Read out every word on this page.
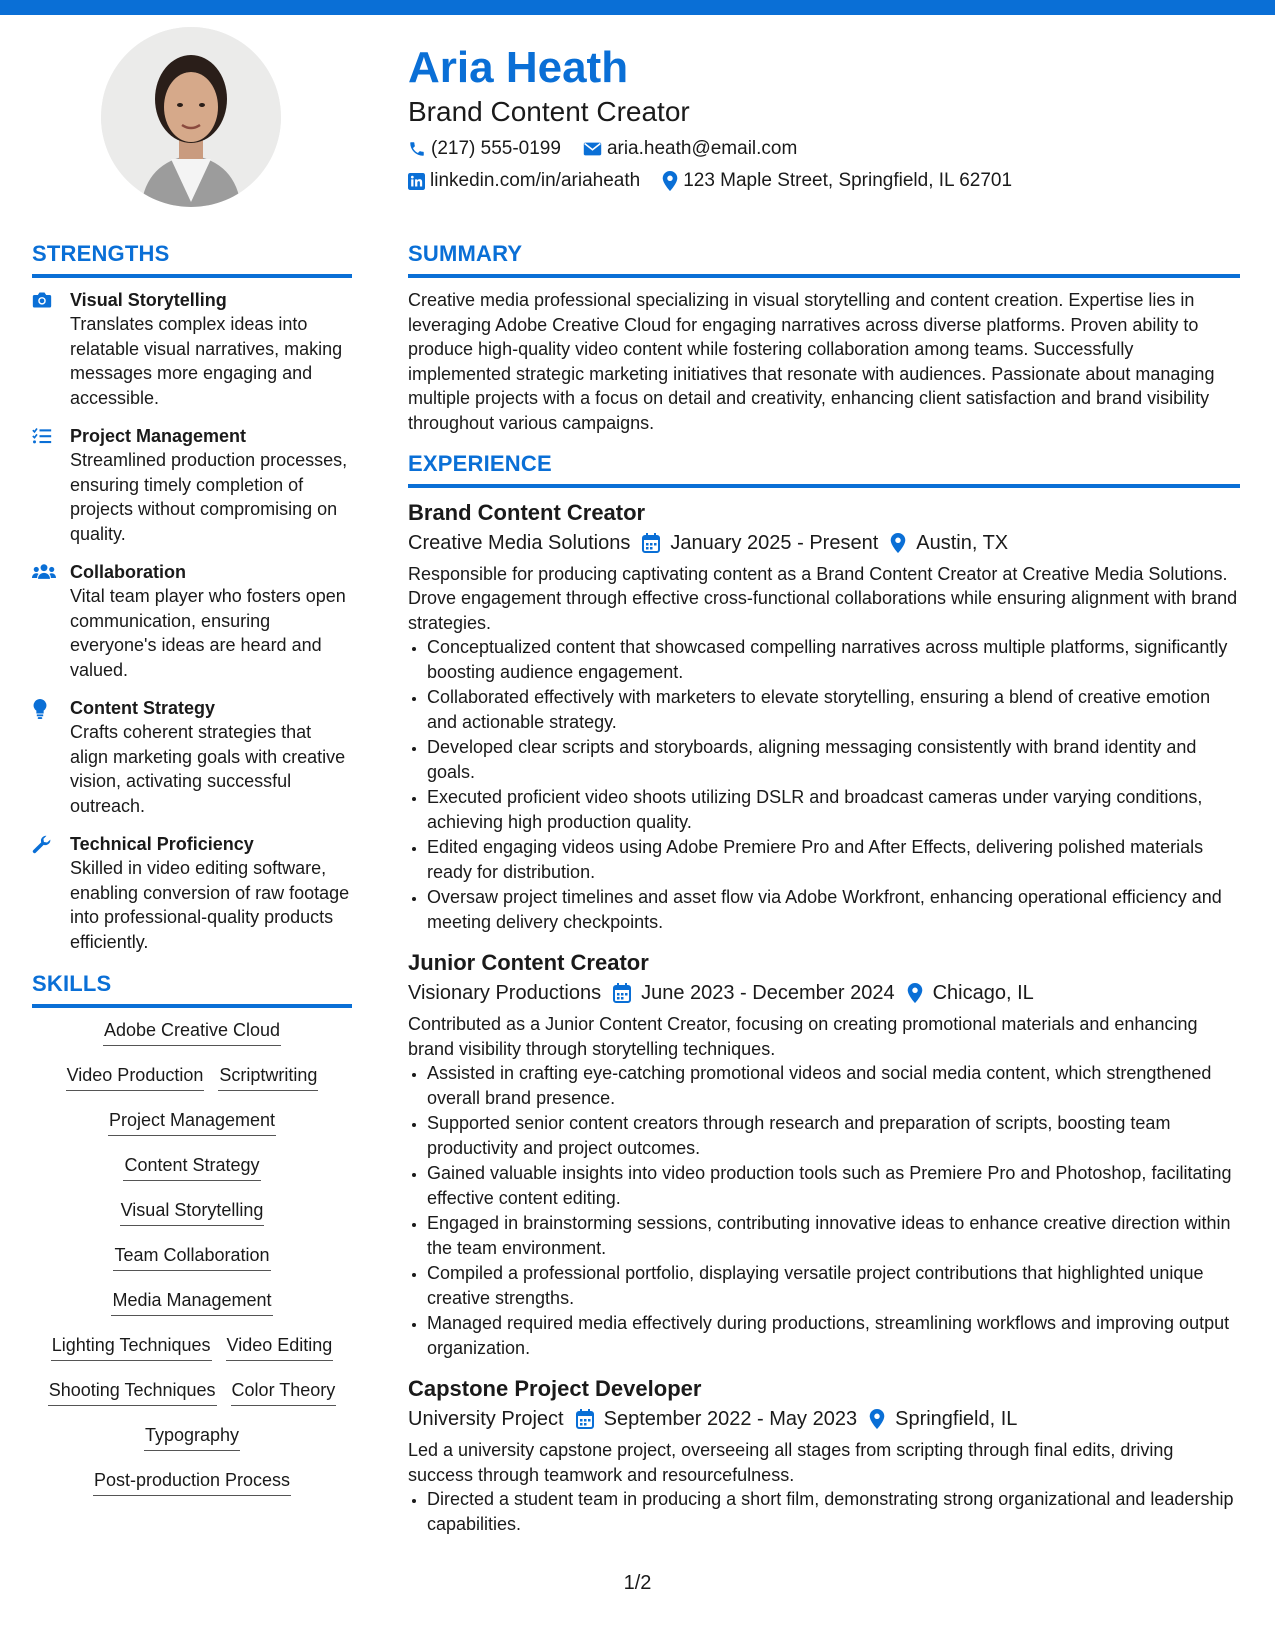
Aria Heath
Brand Content Creator
(217) 555-0199 aria.heath@email.com
linkedin.com/in/ariaheath 123 Maple Street, Springfield, IL 62701
STRENGTHS
Visual Storytelling
Translates complex ideas into relatable visual narratives, making messages more engaging and accessible.
Project Management
Streamlined production processes, ensuring timely completion of projects without compromising on quality.
Collaboration
Vital team player who fosters open communication, ensuring everyone's ideas are heard and valued.
Content Strategy
Crafts coherent strategies that align marketing goals with creative vision, activating successful outreach.
Technical Proficiency
Skilled in video editing software, enabling conversion of raw footage into professional-quality products efficiently.
SKILLS
Adobe Creative Cloud
Video Production Scriptwriting
Project Management
Content Strategy
Visual Storytelling
Team Collaboration
Media Management
Lighting Techniques Video Editing
Shooting Techniques Color Theory
Typography
Post-production Process
SUMMARY
Creative media professional specializing in visual storytelling and content creation. Expertise lies in leveraging Adobe Creative Cloud for engaging narratives across diverse platforms. Proven ability to produce high-quality video content while fostering collaboration among teams. Successfully implemented strategic marketing initiatives that resonate with audiences. Passionate about managing multiple projects with a focus on detail and creativity, enhancing client satisfaction and brand visibility throughout various campaigns.
EXPERIENCE
Brand Content Creator
Creative Media Solutions January 2025 - Present Austin, TX
Responsible for producing captivating content as a Brand Content Creator at Creative Media Solutions. Drove engagement through effective cross-functional collaborations while ensuring alignment with brand strategies.
• Conceptualized content that showcased compelling narratives across multiple platforms, significantly boosting audience engagement.
• Collaborated effectively with marketers to elevate storytelling, ensuring a blend of creative emotion and actionable strategy.
• Developed clear scripts and storyboards, aligning messaging consistently with brand identity and goals.
• Executed proficient video shoots utilizing DSLR and broadcast cameras under varying conditions, achieving high production quality.
• Edited engaging videos using Adobe Premiere Pro and After Effects, delivering polished materials ready for distribution.
• Oversaw project timelines and asset flow via Adobe Workfront, enhancing operational efficiency and meeting delivery checkpoints.
Junior Content Creator
Visionary Productions June 2023 - December 2024 Chicago, IL
Contributed as a Junior Content Creator, focusing on creating promotional materials and enhancing brand visibility through storytelling techniques.
• Assisted in crafting eye-catching promotional videos and social media content, which strengthened overall brand presence.
• Supported senior content creators through research and preparation of scripts, boosting team productivity and project outcomes.
• Gained valuable insights into video production tools such as Premiere Pro and Photoshop, facilitating effective content editing.
• Engaged in brainstorming sessions, contributing innovative ideas to enhance creative direction within the team environment.
• Compiled a professional portfolio, displaying versatile project contributions that highlighted unique creative strengths.
• Managed required media effectively during productions, streamlining workflows and improving output organization.
Capstone Project Developer
University Project September 2022 - May 2023 Springfield, IL
Led a university capstone project, overseeing all stages from scripting through final edits, driving success through teamwork and resourcefulness.
• Directed a student team in producing a short film, demonstrating strong organizational and leadership capabilities.
1/2
